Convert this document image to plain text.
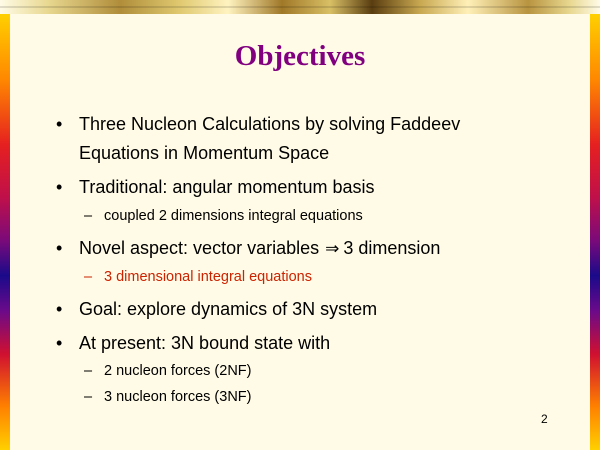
Objectives
• Three Nucleon Calculations by solving Faddeev
Equations in Momentum Space
• Traditional: angular momentum basis
– coupled 2 dimensions integral equations
• Novel aspect: vector variables ⇒ 3 dimension
– 3 dimensional integral equations
• Goal: explore dynamics of 3N system
• At present: 3N bound state with
– 2 nucleon forces (2NF)
– 3 nucleon forces (3NF)
2
